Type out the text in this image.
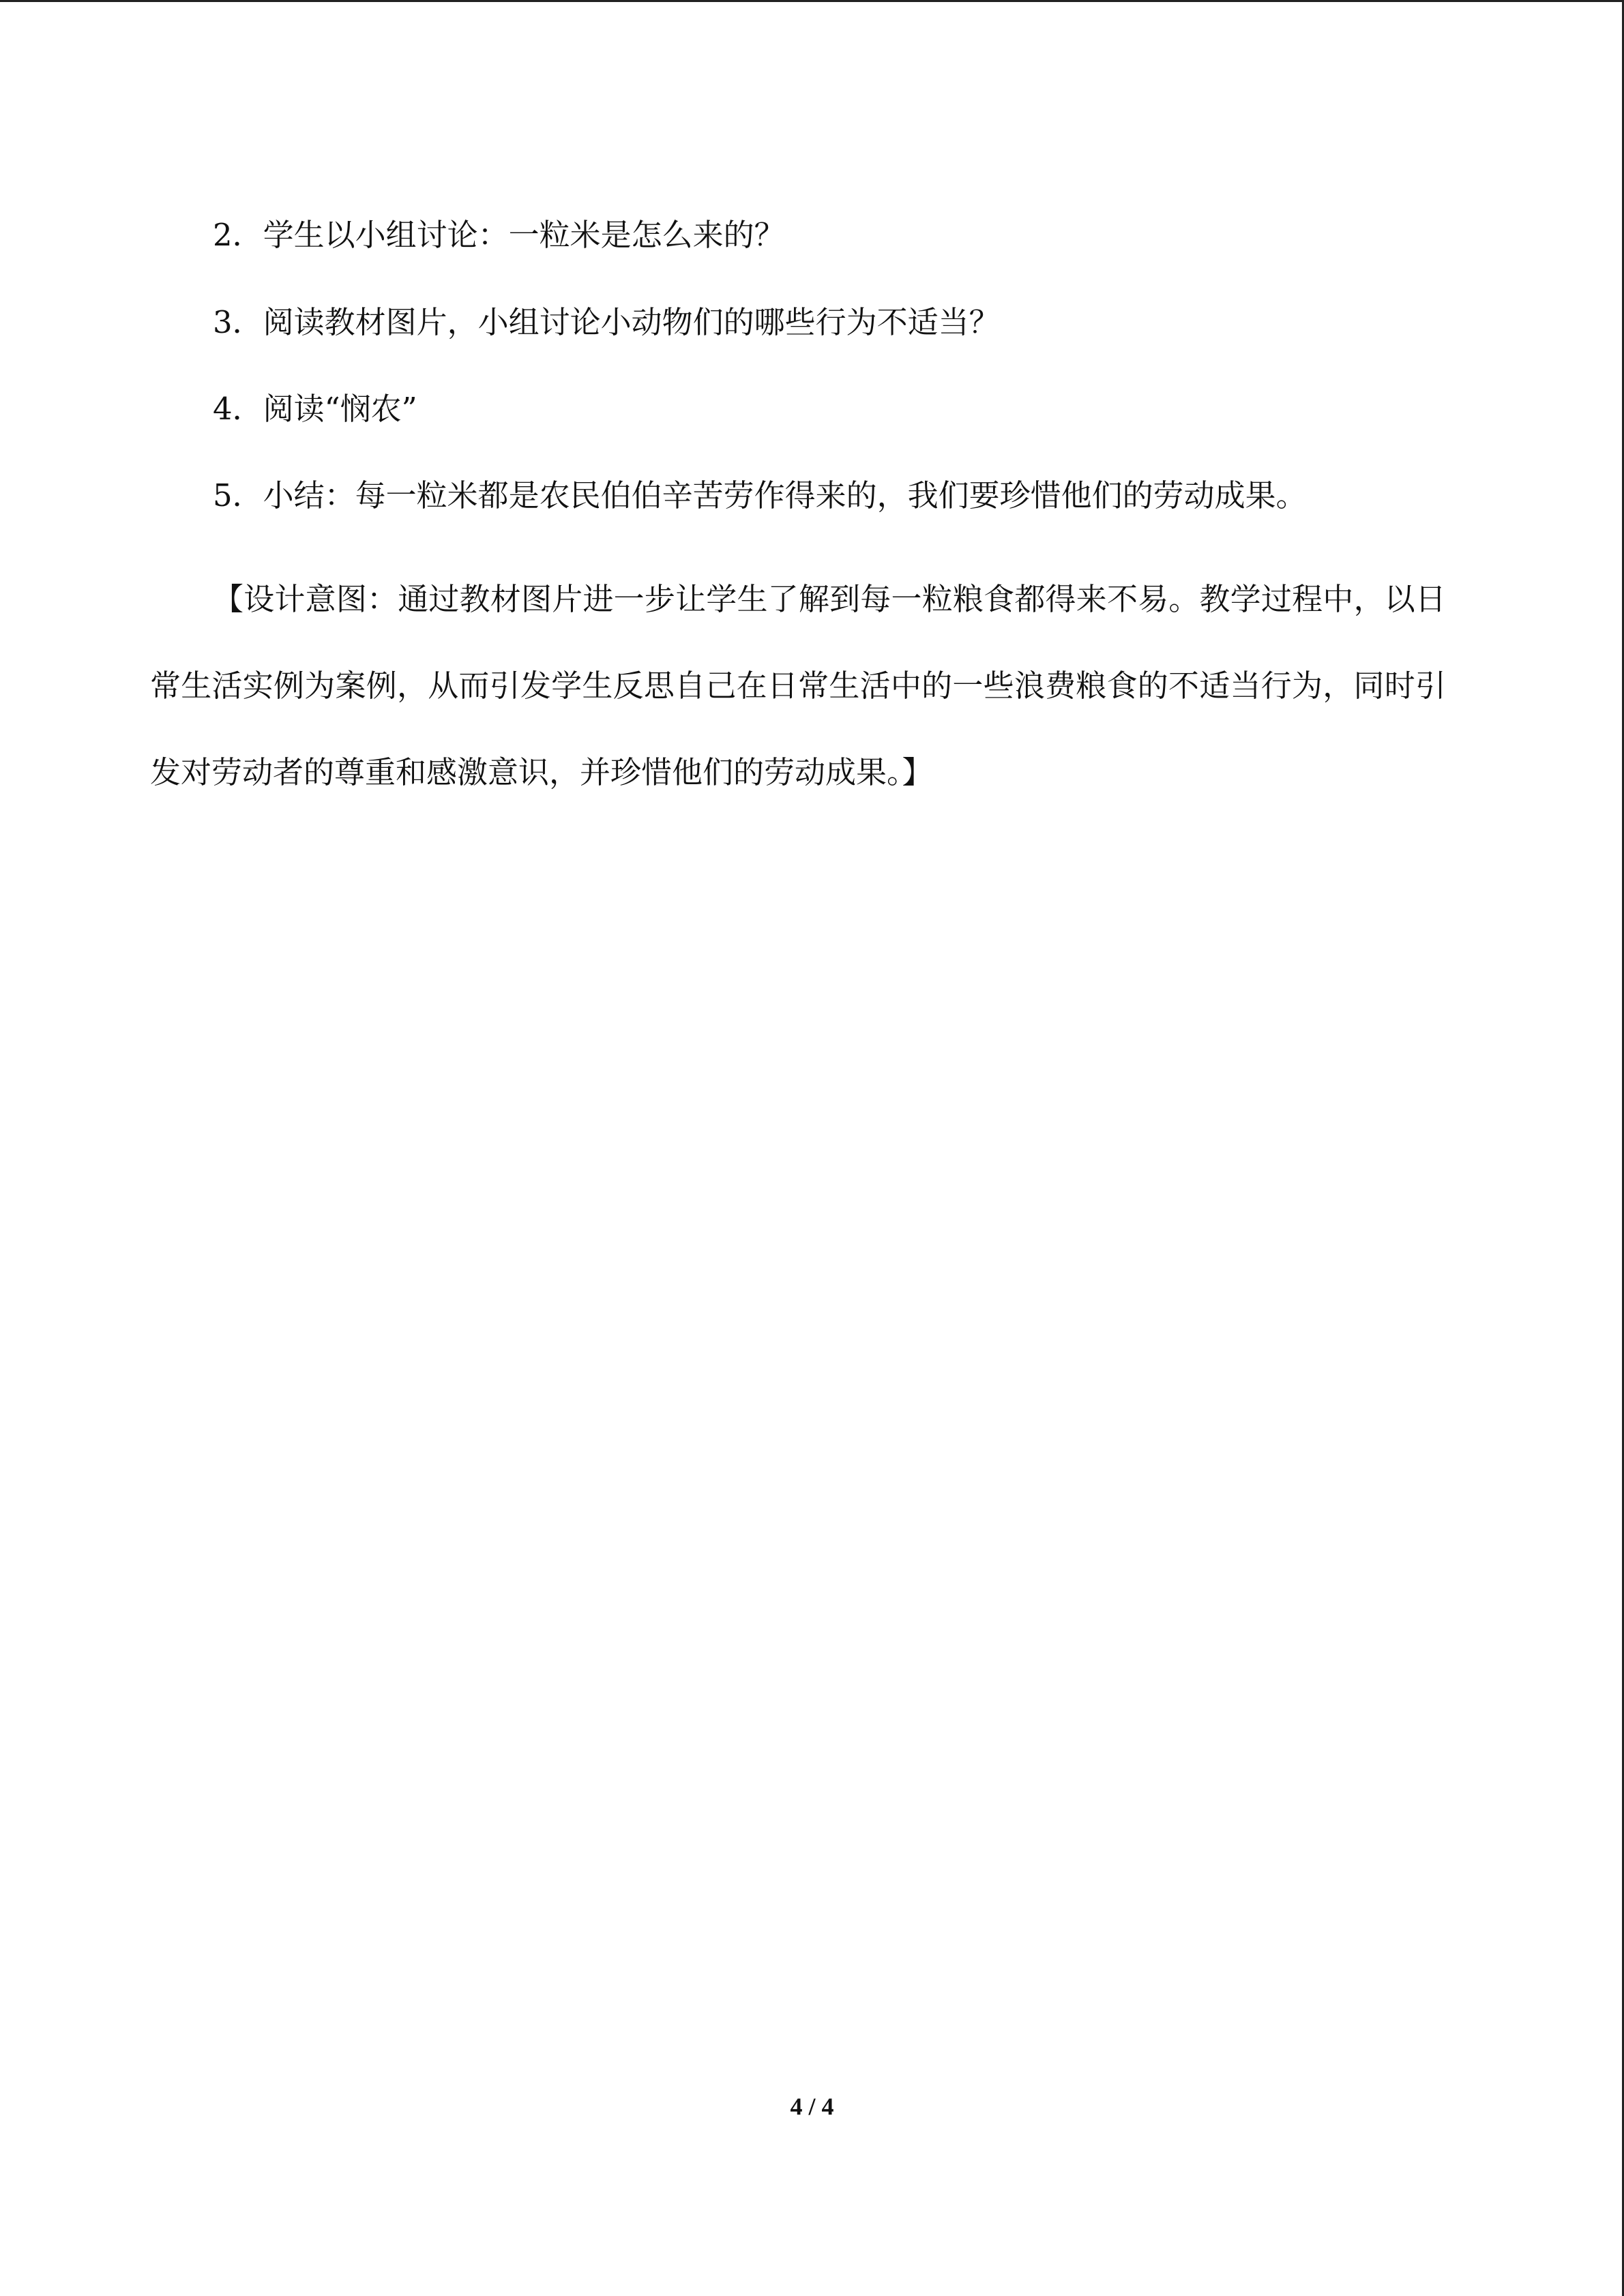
2．学生以小组讨论：一粒米是怎么来的？
3．阅读教材图片，小组讨论小动物们的哪些行为不适当？
4．阅读“悯农”
5．小结：每一粒米都是农民伯伯辛苦劳作得来的，我们要珍惜他们的劳动成果。
【设计意图：通过教材图片进一步让学生了解到每一粒粮食都得来不易。教学过程中，以日常生活实例为案例，从而引发学生反思自己在日常生活中的一些浪费粮食的不适当行为，同时引发对劳动者的尊重和感激意识，并珍惜他们的劳动成果。】
4 / 4
